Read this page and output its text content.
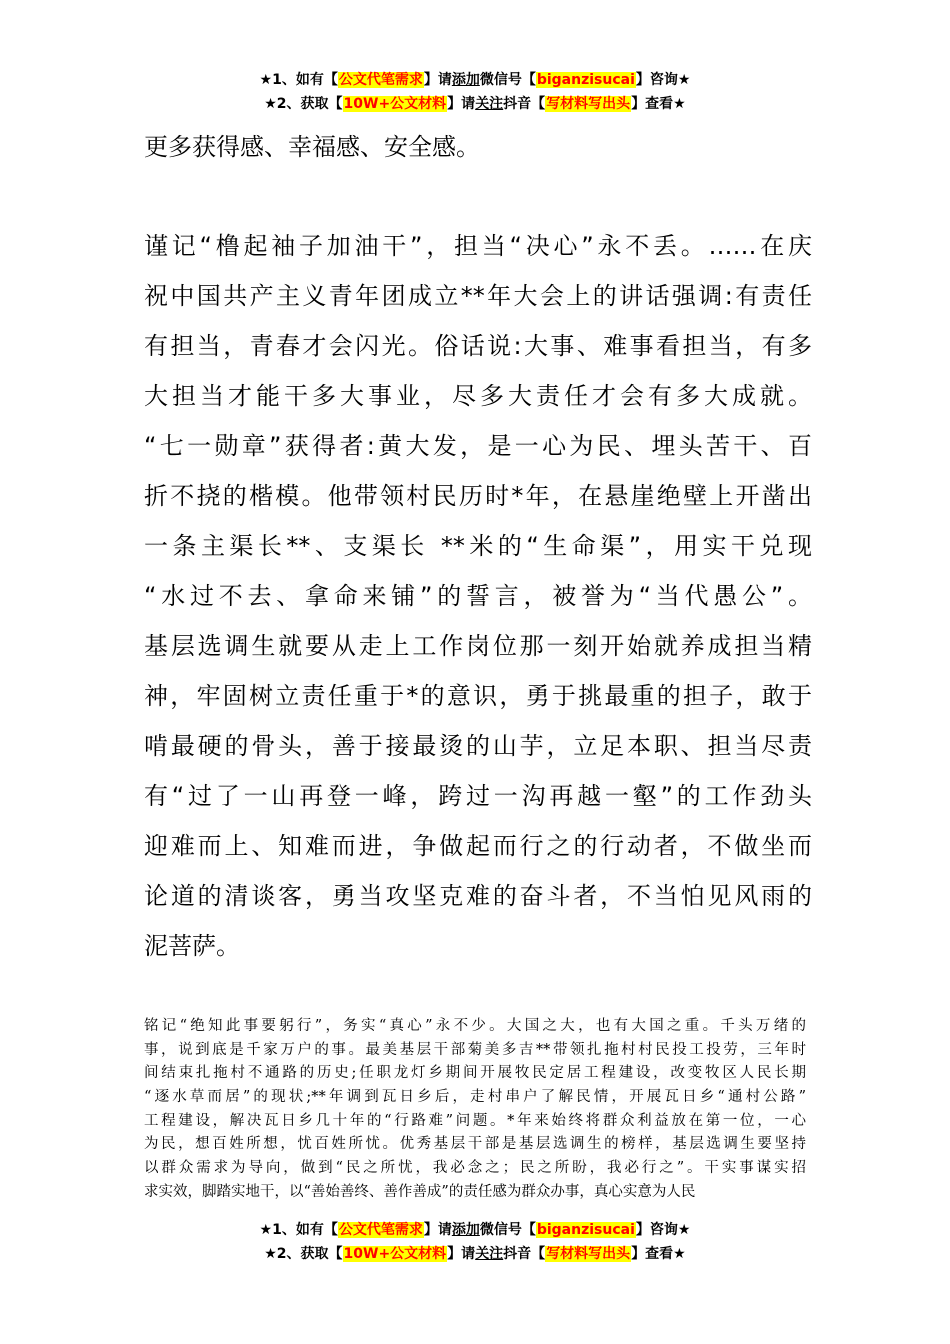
★1、如有【公文代笔需求】请添加微信号【biganzisucai】咨询★
★2、获取【10W+公文材料】请关注抖音【写材料写出头】查看★
更多获得感、幸福感、安全感。
谨记“橹起袖子加油干”，担当“决心”永不丢。……在庆
祝中国共产主义青年团成立**年大会上的讲话强调:有责任
有担当，青春才会闪光。俗话说:大事、难事看担当，有多
大担当才能干多大事业，尽多大责任才会有多大成就。
“七一勋章”获得者:黄大发，是一心为民、埋头苦干、百
折不挠的楷模。他带领村民历时*年，在悬崖绝壁上开凿出
一条主渠长**、支渠长 **米的“生命渠”，用实干兑现
“水过不去、拿命来铺”的誓言，被誉为“当代愚公”。
基层选调生就要从走上工作岗位那一刻开始就养成担当精
神，牢固树立责任重于*的意识，勇于挑最重的担子，敢于
啃最硬的骨头，善于接最烫的山芋，立足本职、担当尽责
有“过了一山再登一峰，跨过一沟再越一壑”的工作劲头
迎难而上、知难而进，争做起而行之的行动者，不做坐而
论道的清谈客，勇当攻坚克难的奋斗者，不当怕见风雨的
泥菩萨。
铭记“绝知此事要躬行”，务实“真心”永不少。大国之大，也有大国之重。千头万绪的
事，说到底是千家万户的事。最美基层干部菊美多吉**带领扎拖村村民投工投劳，三年时
间结束扎拖村不通路的历史;任职龙灯乡期间开展牧民定居工程建设，改变牧区人民长期
“逐水草而居”的现状;**年调到瓦日乡后，走村串户了解民情，开展瓦日乡“通村公路”
工程建设，解决瓦日乡几十年的“行路难”问题。*年来始终将群众利益放在第一位，一心
为民，想百姓所想，忧百姓所忧。优秀基层干部是基层选调生的榜样，基层选调生要坚持
以群众需求为导向，做到“民之所忧，我必念之；民之所盼，我必行之”。干实事谋实招
求实效，脚踏实地干，以“善始善终、善作善成”的责任感为群众办事，真心实意为人民
★1、如有【公文代笔需求】请添加微信号【biganzisucai】咨询★
★2、获取【10W+公文材料】请关注抖音【写材料写出头】查看★
